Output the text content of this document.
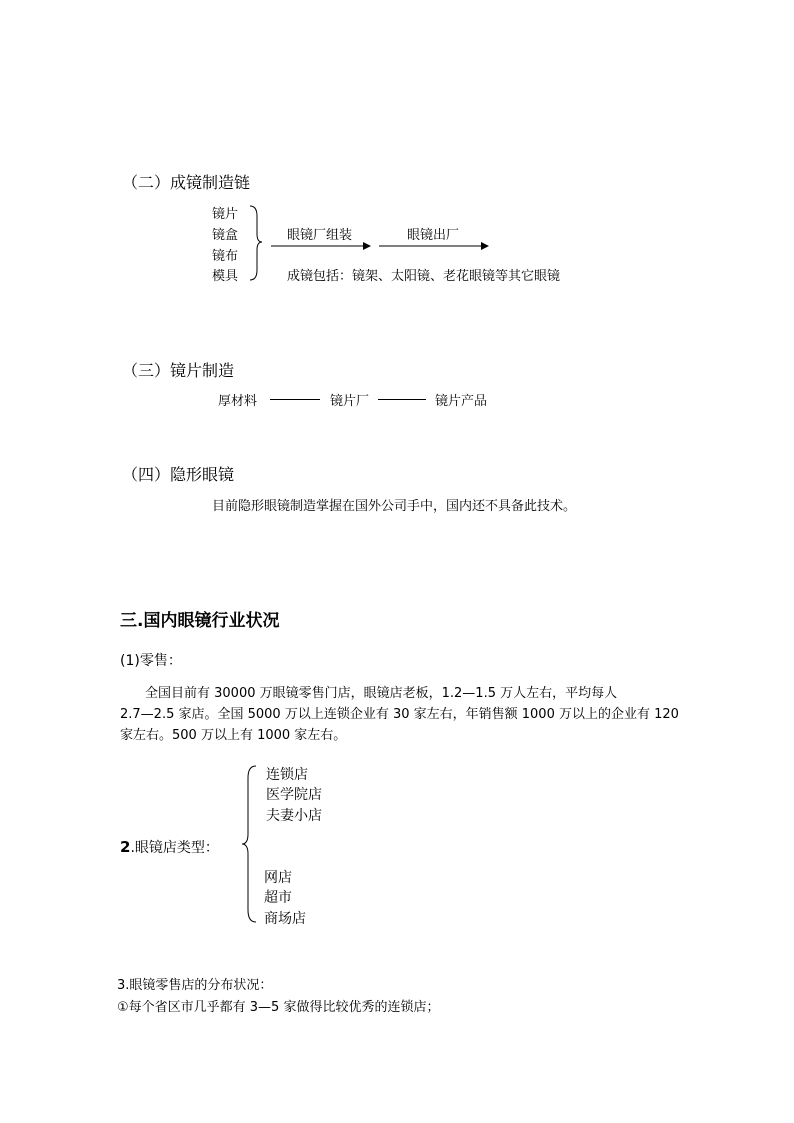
（二）成镜制造链
镜片
镜盒
镜布
模具
眼镜厂组装	眼镜出厂
成镜包括：镜架、太阳镜、老花眼镜等其它眼镜
（三）镜片制造
厚材料	镜片厂	镜片产品
（四）隐形眼镜
目前隐形眼镜制造掌握在国外公司手中，国内还不具备此技术。
三.国内眼镜行业状况
(1)零售：
全国目前有 30000 万眼镜零售门店，眼镜店老板，1.2—1.5 万人左右，平均每人
2.7—2.5 家店。全国 5000 万以上连锁企业有 30 家左右，年销售额 1000 万以上的企业有 120
家左右。500 万以上有 1000 家左右。
2.眼镜店类型：
连锁店
医学院店
夫妻小店
网店
超市
商场店
3.眼镜零售店的分布状况：
①每个省区市几乎都有 3—5 家做得比较优秀的连锁店；
